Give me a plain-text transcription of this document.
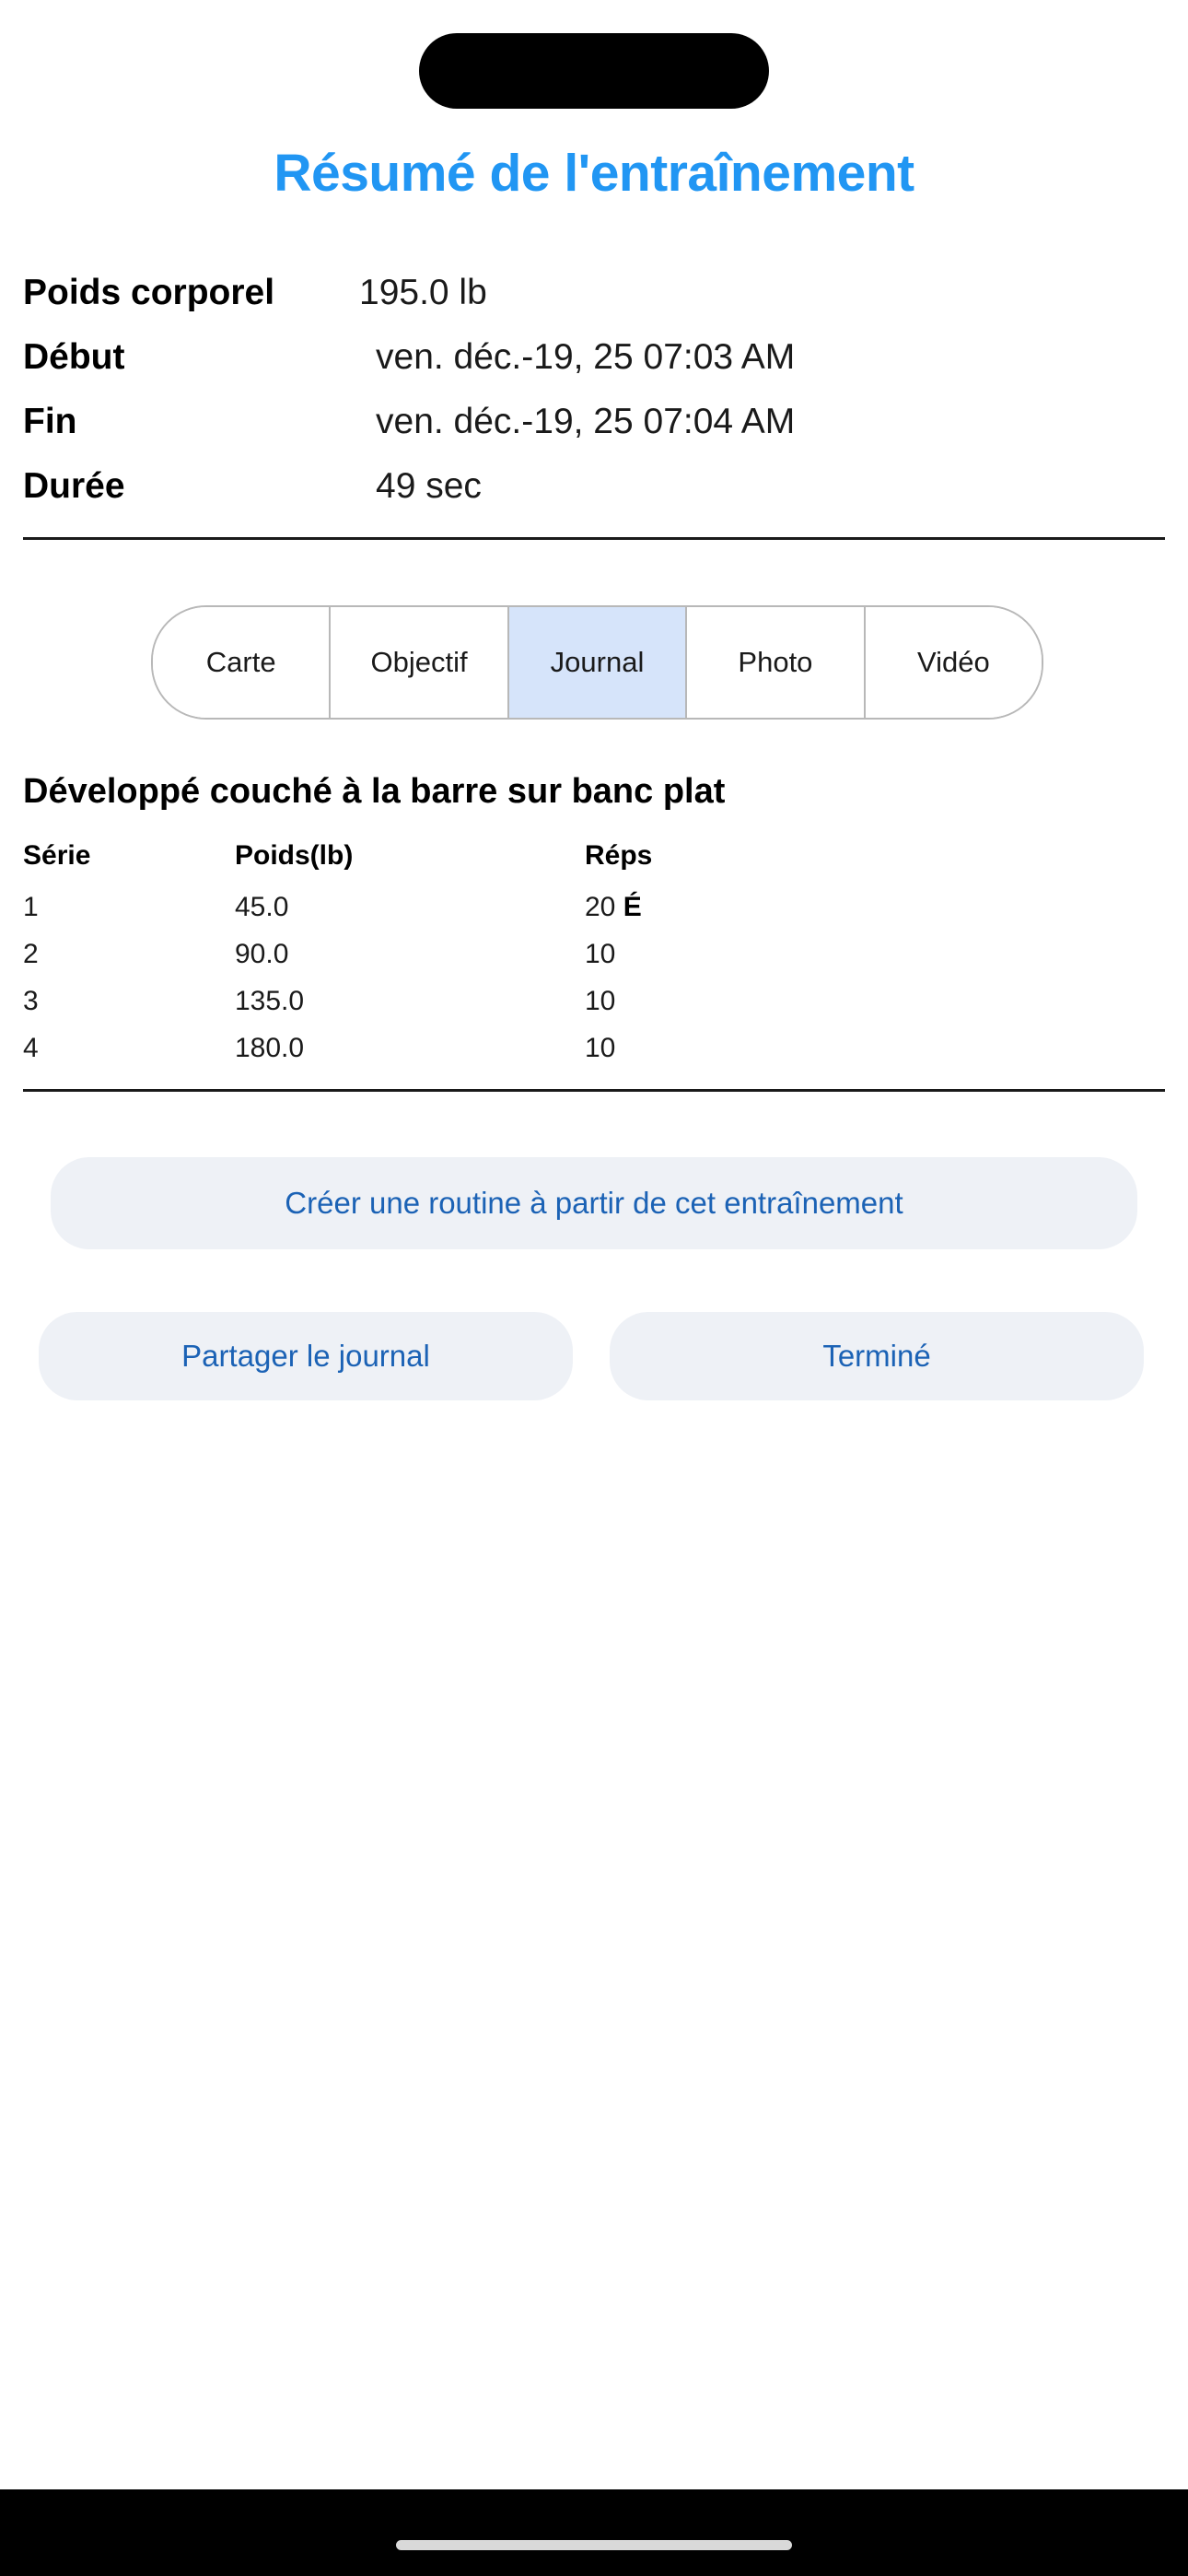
Résumé de l'entraînement
Poids corporel	195.0 lb
Début	ven. déc.-19, 25 07:03 AM
Fin	ven. déc.-19, 25 07:04 AM
Durée	49 sec
Carte	Objectif	Journal	Photo	Vidéo
Développé couché à la barre sur banc plat
Série	Poids(lb)	Réps
1	45.0	20 É
2	90.0	10
3	135.0	10
4	180.0	10
Créer une routine à partir de cet entraînement
Partager le journal	Terminé
